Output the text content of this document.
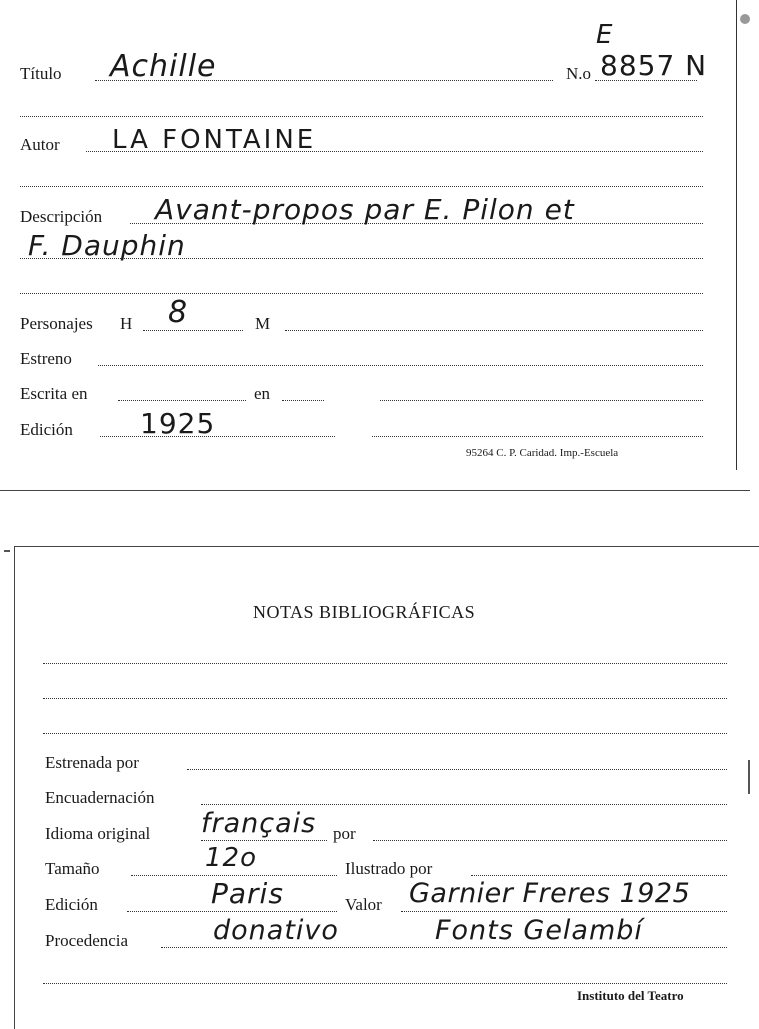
E
Título Achille	N.o 8857 N
Autor LA FONTAINE
Descripción Avant-propos par E. Pilon et
F. Dauphin
Personajes H 8	M
Estreno
Escrita en	en
Edición 1925
95264 C. P. Caridad. Imp.-Escuela
NOTAS BIBLIOGRÁFICAS
Estrenada por
Encuadernación
Idioma original français por
Tamaño	12o	Ilustrado por
Edición	Paris	Valor Garnier Freres 1925
Procedencia	donativo	Fonts Gelambí
Instituto del Teatro
